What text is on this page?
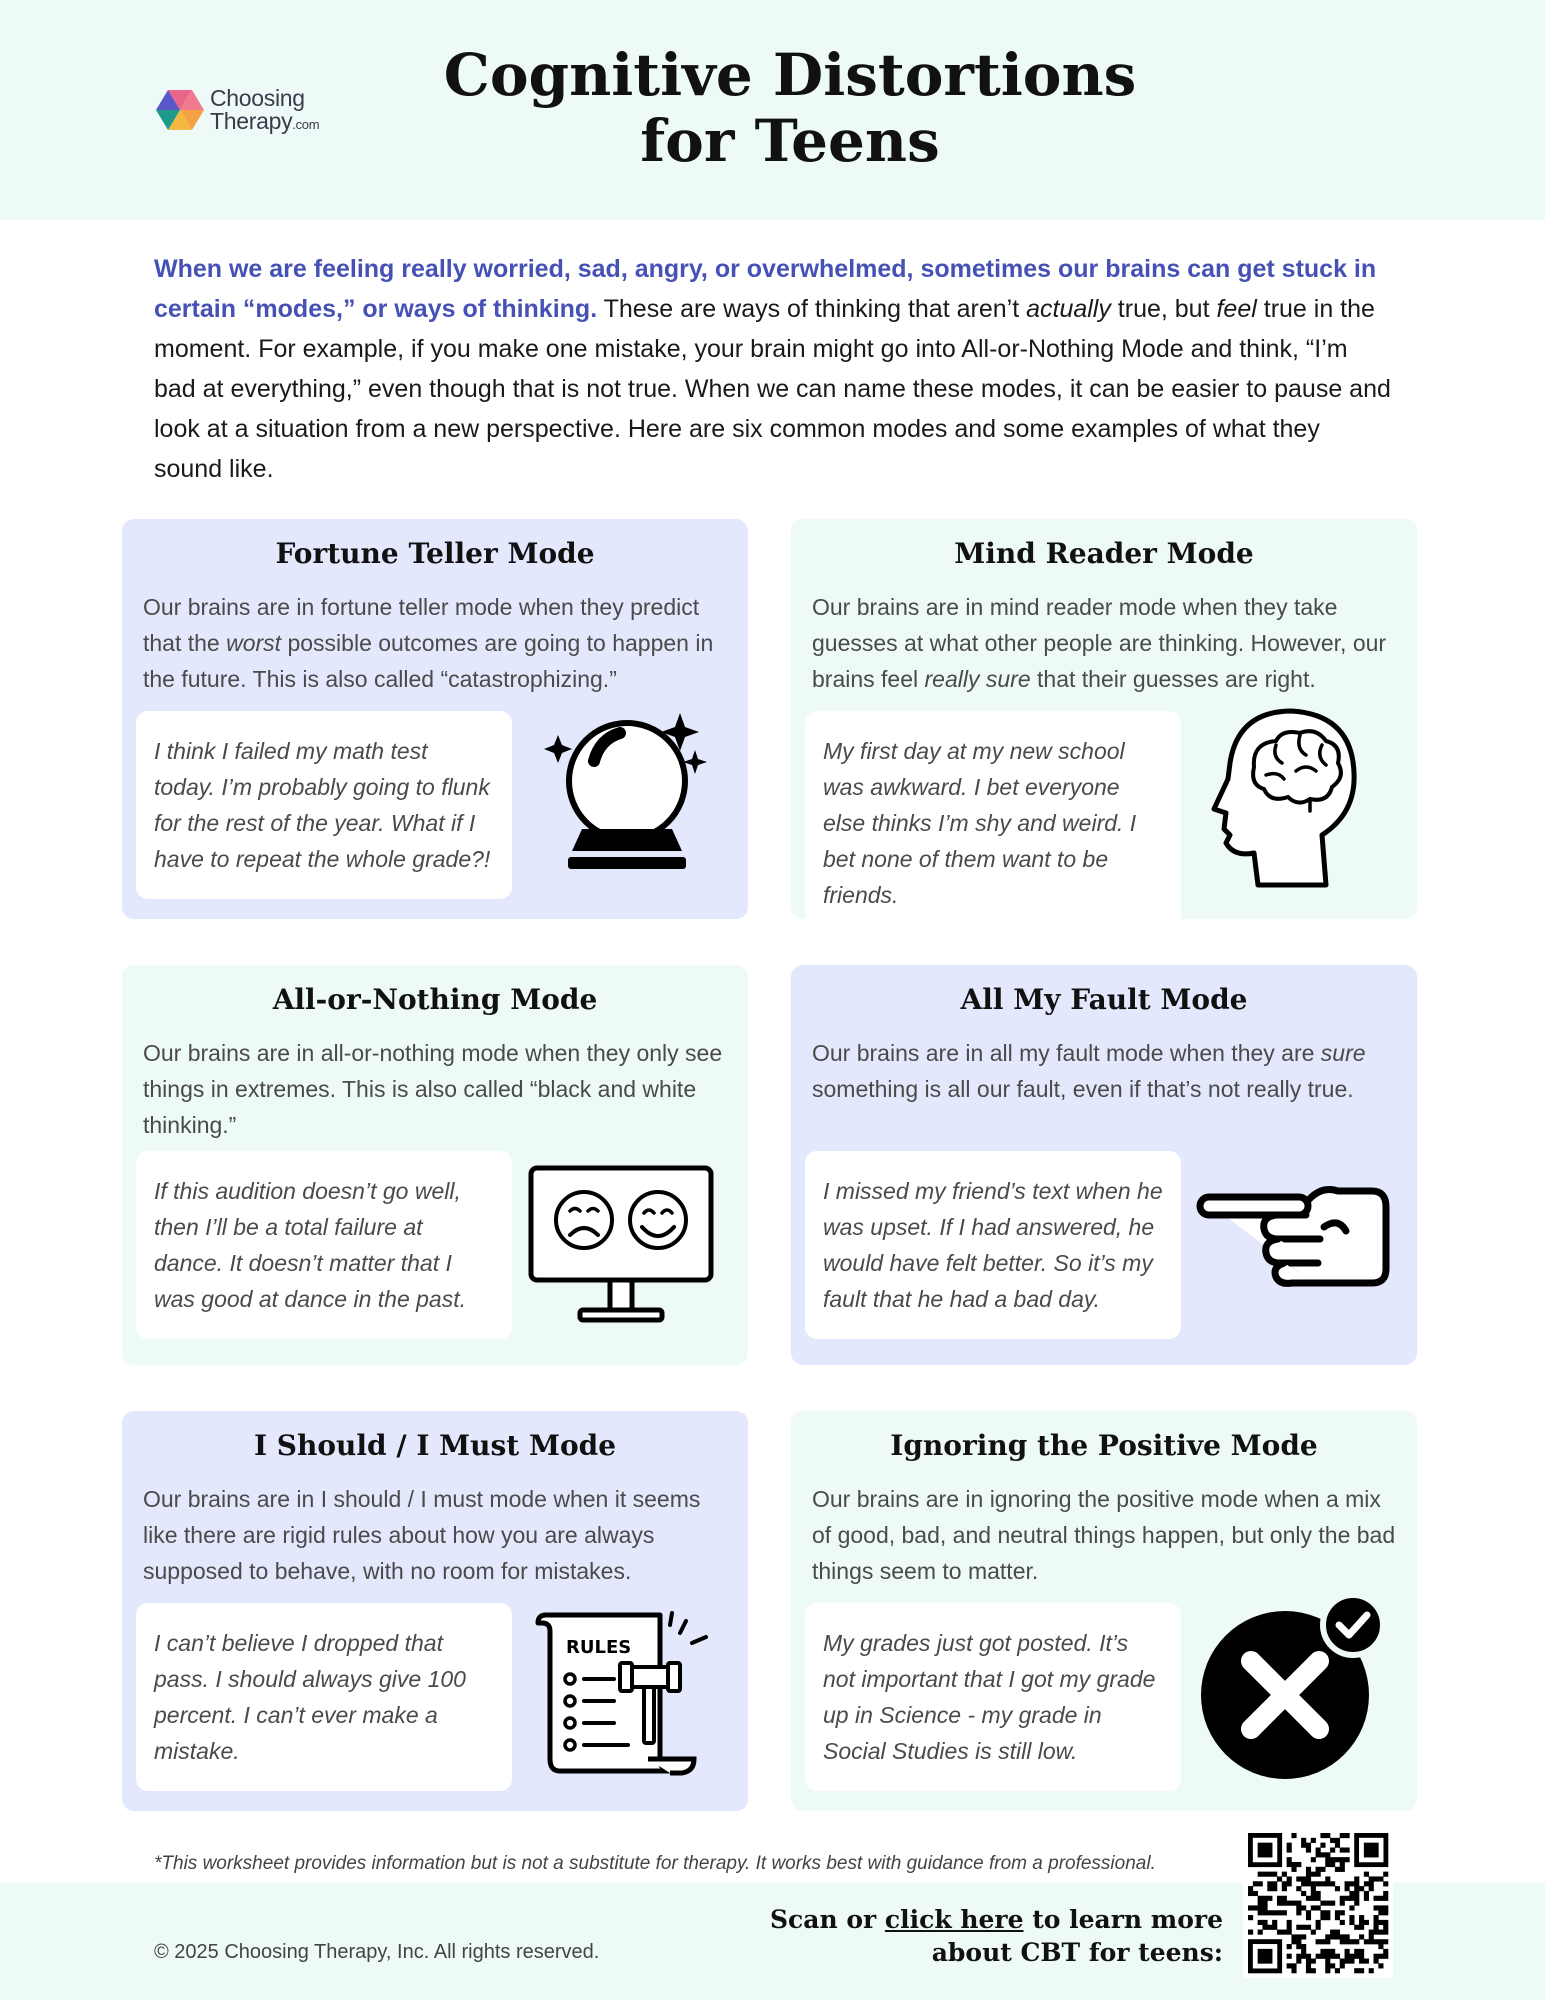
Choosing
Therapy.com
Cognitive Distortions
for Teens
When we are feeling really worried, sad, angry, or overwhelmed, sometimes our brains can get stuck in certain “modes,” or ways of thinking. These are ways of thinking that aren’t actually true, but feel true in the moment. For example, if you make one mistake, your brain might go into All-or-Nothing Mode and think, “I’m bad at everything,” even though that is not true. When we can name these modes, it can be easier to pause and look at a situation from a new perspective. Here are six common modes and some examples of what they sound like.
Fortune Teller Mode
Our brains are in fortune teller mode when they predict that the worst possible outcomes are going to happen in the future. This is also called “catastrophizing.”
I think I failed my math test today. I’m probably going to flunk for the rest of the year. What if I have to repeat the whole grade?!
Mind Reader Mode
Our brains are in mind reader mode when they take guesses at what other people are thinking. However, our brains feel really sure that their guesses are right.
My first day at my new school was awkward. I bet everyone else thinks I’m shy and weird. I bet none of them want to be friends.
All-or-Nothing Mode
Our brains are in all-or-nothing mode when they only see things in extremes. This is also called “black and white thinking.”
If this audition doesn’t go well, then I’ll be a total failure at dance. It doesn’t matter that I was good at dance in the past.
All My Fault Mode
Our brains are in all my fault mode when they are sure something is all our fault, even if that’s not really true.
I missed my friend’s text when he was upset. If I had answered, he would have felt better. So it’s my fault that he had a bad day.
I Should / I Must Mode
Our brains are in I should / I must mode when it seems like there are rigid rules about how you are always supposed to behave, with no room for mistakes.
I can’t believe I dropped that pass. I should always give 100 percent. I can’t ever make a mistake.
RULES
Ignoring the Positive Mode
Our brains are in ignoring the positive mode when a mix of good, bad, and neutral things happen, but only the bad things seem to matter.
My grades just got posted. It’s not important that I got my grade up in Science - my grade in Social Studies is still low.
*This worksheet provides information but is not a substitute for therapy. It works best with guidance from a professional.
© 2025 Choosing Therapy, Inc. All rights reserved.
Scan or click here to learn more
about CBT for teens:
